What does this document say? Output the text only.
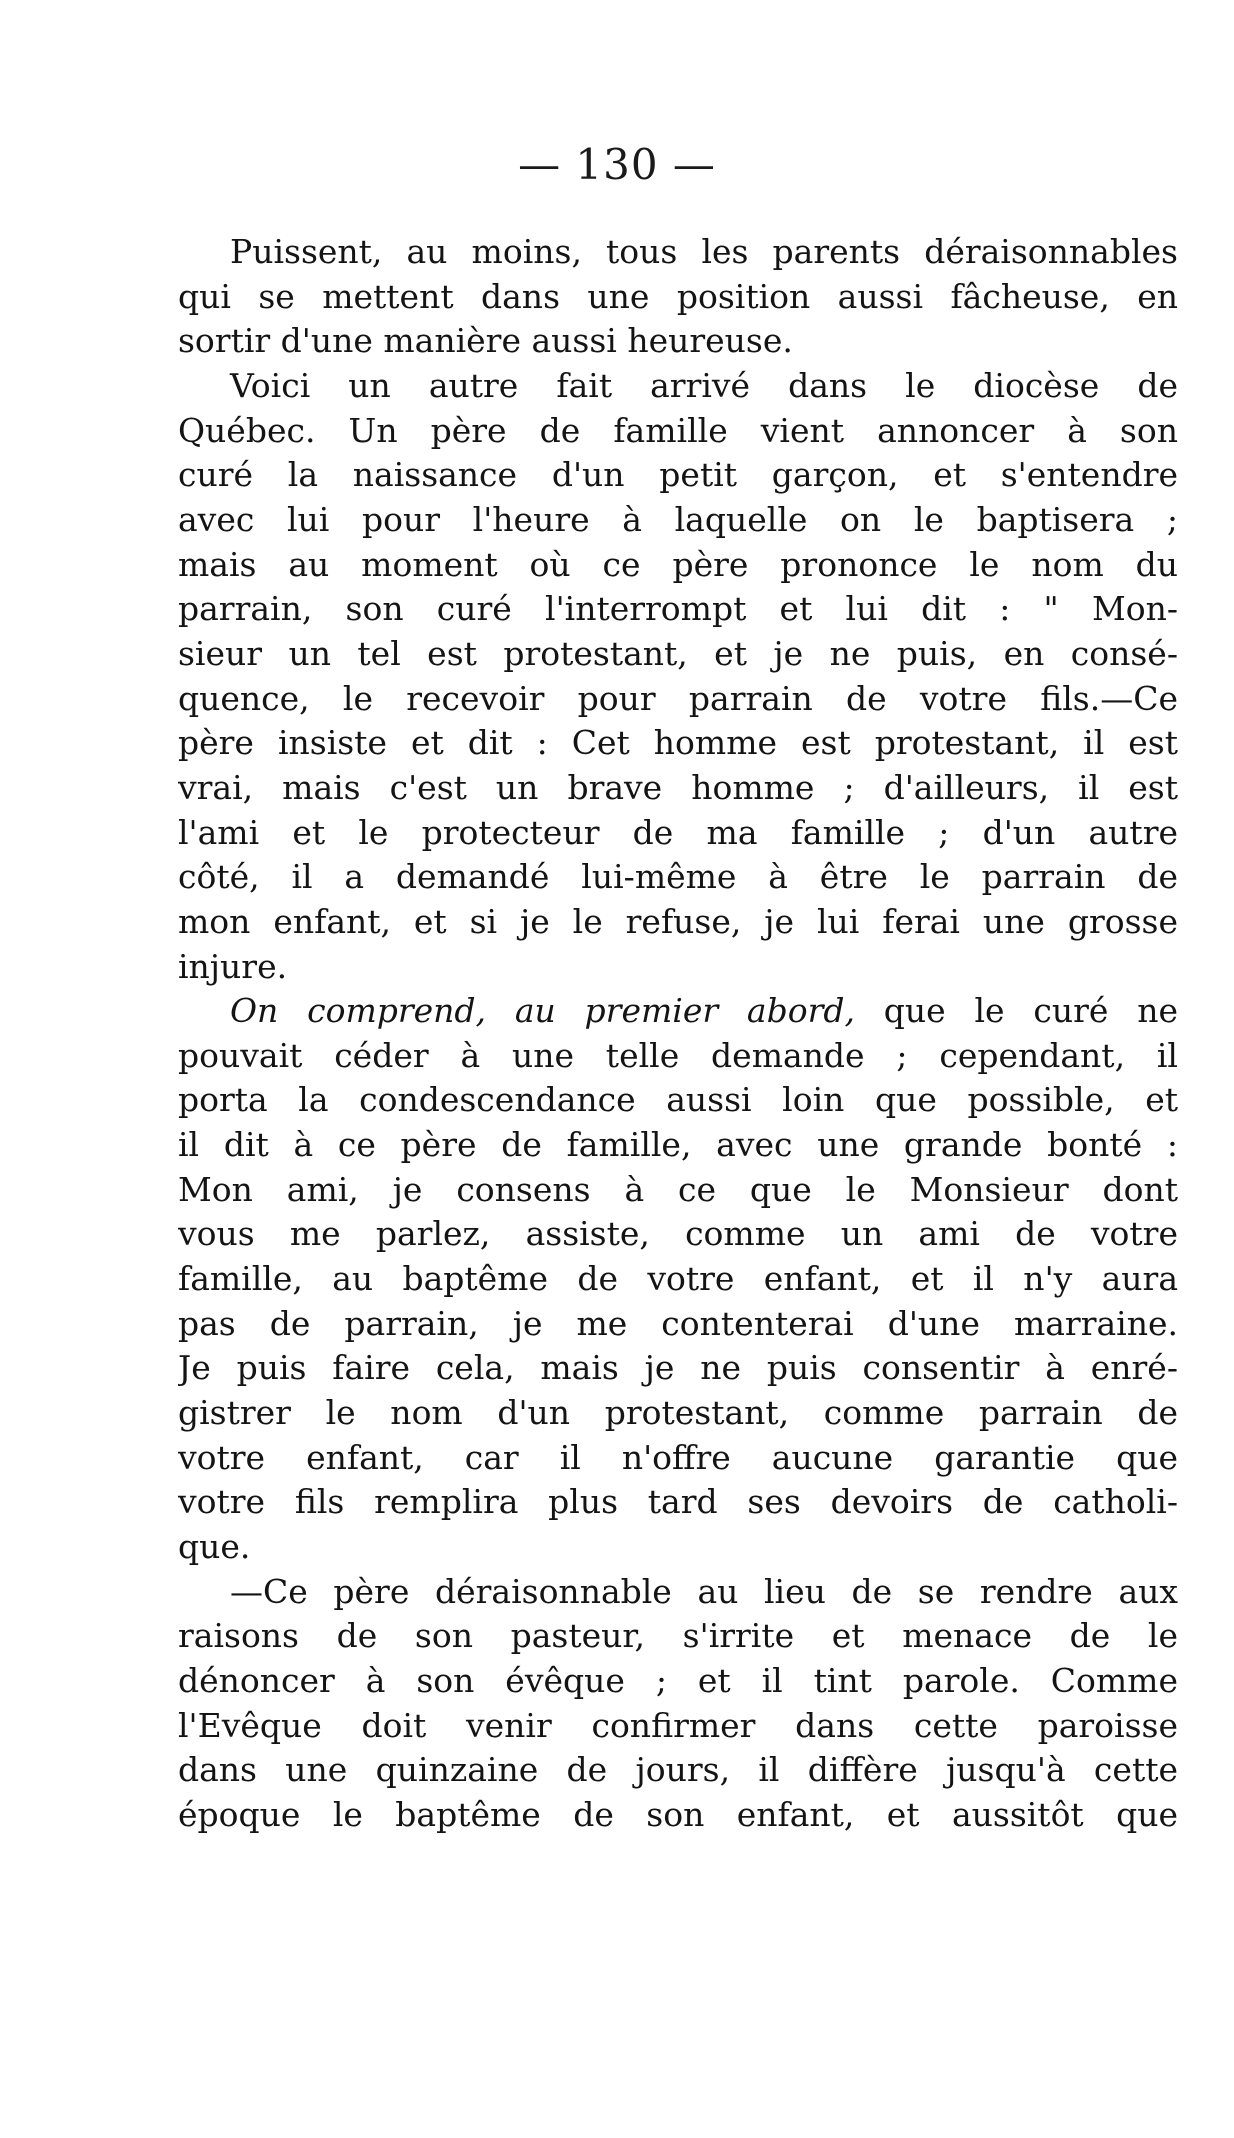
— 130 —
Puissent, au moins, tous les parents déraisonnables
qui se mettent dans une position aussi fâcheuse, en
sortir d'une manière aussi heureuse.
Voici un autre fait arrivé dans le diocèse de
Québec. Un père de famille vient annoncer à son
curé la naissance d'un petit garçon, et s'entendre
avec lui pour l'heure à laquelle on le baptisera ;
mais au moment où ce père prononce le nom du
parrain, son curé l'interrompt et lui dit : " Mon-
sieur un tel est protestant, et je ne puis, en consé-
quence, le recevoir pour parrain de votre fils.—Ce
père insiste et dit : Cet homme est protestant, il est
vrai, mais c'est un brave homme ; d'ailleurs, il est
l'ami et le protecteur de ma famille ; d'un autre
côté, il a demandé lui-même à être le parrain de
mon enfant, et si je le refuse, je lui ferai une grosse
injure.
On comprend, au premier abord, que le curé ne
pouvait céder à une telle demande ; cependant, il
porta la condescendance aussi loin que possible, et
il dit à ce père de famille, avec une grande bonté :
Mon ami, je consens à ce que le Monsieur dont
vous me parlez, assiste, comme un ami de votre
famille, au baptême de votre enfant, et il n'y aura
pas de parrain, je me contenterai d'une marraine.
Je puis faire cela, mais je ne puis consentir à enré-
gistrer le nom d'un protestant, comme parrain de
votre enfant, car il n'offre aucune garantie que
votre fils remplira plus tard ses devoirs de catholi-
que.
—Ce père déraisonnable au lieu de se rendre aux
raisons de son pasteur, s'irrite et menace de le
dénoncer à son évêque ; et il tint parole. Comme
l'Evêque doit venir confirmer dans cette paroisse
dans une quinzaine de jours, il diffère jusqu'à cette
époque le baptême de son enfant, et aussitôt que
